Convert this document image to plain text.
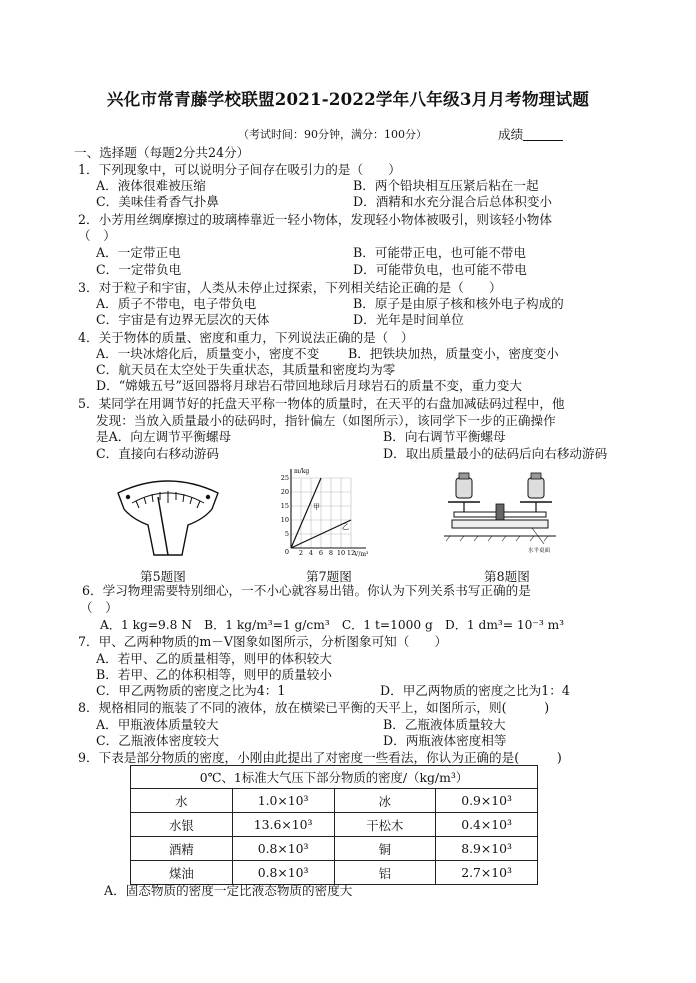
兴化市常青藤学校联盟2021-2022学年八年级3月月考物理试题
（考试时间：90分钟，满分：100分）	成绩
一、选择题（每题2分共24分）
1．下列现象中，可以说明分子间存在吸引力的是（　　）
A．液体很难被压缩	B．两个铅块相互压紧后粘在一起
C．美味佳肴香气扑鼻	D．酒精和水充分混合后总体积变小
2．小芳用丝绸摩擦过的玻璃棒靠近一轻小物体，发现轻小物体被吸引，则该轻小物体
（　）
A．一定带正电	B．可能带正电，也可能不带电
C．一定带负电	D．可能带负电，也可能不带电
3．对于粒子和宇宙，人类从未停止过探索，下列相关结论正确的是（　　）
A．质子不带电，电子带负电	B．原子是由原子核和核外电子构成的
C．宇宙是有边界无层次的天体	D．光年是时间单位
4．关于物体的质量、密度和重力，下列说法正确的是（　）
A．一块冰熔化后，质量变小，密度不变 B．把铁块加热，质量变小，密度变小
C．航天员在太空处于失重状态，其质量和密度均为零
D．“嫦娥五号”返回器将月球岩石带回地球后月球岩石的质量不变，重力变大
5．某同学在用调节好的托盘天平称一物体的质量时，在天平的右盘加减砝码过程中，他
发现：当放入质量最小的砝码时，指针偏左（如图所示），该同学下一步的正确操作
是A．向左调节平衡螺母	B．向右调节平衡螺母
C．直接向右移动游码	D．取出质量最小的砝码后向右移动游码
m/kg
V/m³
25
20
15
10
5
0 2 4 6 8 10 12
甲
乙
水平桌面
第5题图	第7题图	第8题图
6．学习物理需要特别细心，一不小心就容易出错。你认为下列关系书写正确的是
（　）
A．1 kg=9.8 N　B．1 kg/m³=1 g/cm³　C．1 t=1000 g　D．1 dm³= 10⁻³ m³
7．甲、乙两种物质的m－V图象如图所示，分析图象可知（　　）
A．若甲、乙的质量相等，则甲的体积较大
B．若甲、乙的体积相等，则甲的质量较小
C．甲乙两物质的密度之比为4：1	D．甲乙两物质的密度之比为1：4
8．规格相同的瓶装了不同的液体，放在横梁已平衡的天平上，如图所示，则(　　　)
A．甲瓶液体质量较大	B．乙瓶液体质量较大
C．乙瓶液体密度较大	D．两瓶液体密度相等
9．下表是部分物质的密度，小刚由此提出了对密度一些看法，你认为正确的是(　　　)
0℃、1标准大气压下部分物质的密度/（kg/m³）			
水	1.0×10³	冰	0.9×10³
水银	13.6×10³	干松木	0.4×10³
酒精	0.8×10³	铜	8.9×10³
煤油	0.8×10³	铝	2.7×10³
A．固态物质的密度一定比液态物质的密度大
